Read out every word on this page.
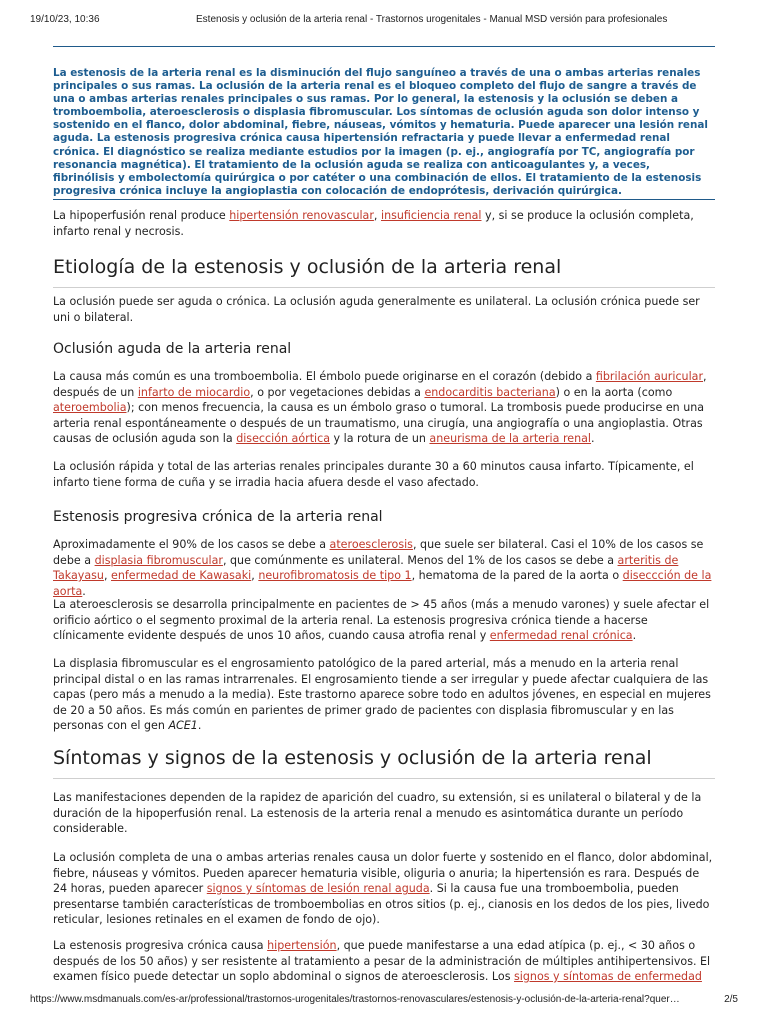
19/10/23, 10:36	Estenosis y oclusión de la arteria renal - Trastornos urogenitales - Manual MSD versión para profesionales

La estenosis de la arteria renal es la disminución del flujo sanguíneo a través de una o ambas arterias renales principales o sus ramas. La oclusión de la arteria renal es el bloqueo completo del flujo de sangre a través de una o ambas arterias renales principales o sus ramas. Por lo general, la estenosis y la oclusión se deben a tromboembolia, ateroesclerosis o displasia fibromuscular. Los síntomas de oclusión aguda son dolor intenso y sostenido en el flanco, dolor abdominal, fiebre, náuseas, vómitos y hematuria. Puede aparecer una lesión renal aguda. La estenosis progresiva crónica causa hipertensión refractaria y puede llevar a enfermedad renal crónica. El diagnóstico se realiza mediante estudios por la imagen (p. ej., angiografía por TC, angiografía por resonancia magnética). El tratamiento de la oclusión aguda se realiza con anticoagulantes y, a veces, fibrinólisis y embolectomía quirúrgica o por catéter o una combinación de ellos. El tratamiento de la estenosis progresiva crónica incluye la angioplastia con colocación de endoprótesis, derivación quirúrgica.

La hipoperfusión renal produce hipertensión renovascular, insuficiencia renal y, si se produce la oclusión completa, infarto renal y necrosis.

Etiología de la estenosis y oclusión de la arteria renal

La oclusión puede ser aguda o crónica. La oclusión aguda generalmente es unilateral. La oclusión crónica puede ser uni o bilateral.

Oclusión aguda de la arteria renal

La causa más común es una tromboembolia. El émbolo puede originarse en el corazón (debido a fibrilación auricular, después de un infarto de miocardio, o por vegetaciones debidas a endocarditis bacteriana) o en la aorta (como ateroembolia); con menos frecuencia, la causa es un émbolo graso o tumoral. La trombosis puede producirse en una arteria renal espontáneamente o después de un traumatismo, una cirugía, una angiografía o una angioplastia. Otras causas de oclusión aguda son la disección aórtica y la rotura de un aneurisma de la arteria renal.

La oclusión rápida y total de las arterias renales principales durante 30 a 60 minutos causa infarto. Típicamente, el infarto tiene forma de cuña y se irradia hacia afuera desde el vaso afectado.

Estenosis progresiva crónica de la arteria renal

Aproximadamente el 90% de los casos se debe a ateroesclerosis, que suele ser bilateral. Casi el 10% de los casos se debe a displasia fibromuscular, que comúnmente es unilateral. Menos del 1% de los casos se debe a arteritis de Takayasu, enfermedad de Kawasaki, neurofibromatosis de tipo 1, hematoma de la pared de la aorta o diseccción de la aorta.

La ateroesclerosis se desarrolla principalmente en pacientes de > 45 años (más a menudo varones) y suele afectar el orificio aórtico o el segmento proximal de la arteria renal. La estenosis progresiva crónica tiende a hacerse clínicamente evidente después de unos 10 años, cuando causa atrofia renal y enfermedad renal crónica.

La displasia fibromuscular es el engrosamiento patológico de la pared arterial, más a menudo en la arteria renal principal distal o en las ramas intrarrenales. El engrosamiento tiende a ser irregular y puede afectar cualquiera de las capas (pero más a menudo a la media). Este trastorno aparece sobre todo en adultos jóvenes, en especial en mujeres de 20 a 50 años. Es más común en parientes de primer grado de pacientes con displasia fibromuscular y en las personas con el gen ACE1.

Síntomas y signos de la estenosis y oclusión de la arteria renal

Las manifestaciones dependen de la rapidez de aparición del cuadro, su extensión, si es unilateral o bilateral y de la duración de la hipoperfusión renal. La estenosis de la arteria renal a menudo es asintomática durante un período considerable.

La oclusión completa de una o ambas arterias renales causa un dolor fuerte y sostenido en el flanco, dolor abdominal, fiebre, náuseas y vómitos. Pueden aparecer hematuria visible, oliguria o anuria; la hipertensión es rara. Después de 24 horas, pueden aparecer signos y síntomas de lesión renal aguda. Si la causa fue una tromboembolia, pueden presentarse también características de tromboembolias en otros sitios (p. ej., cianosis en los dedos de los pies, livedo reticular, lesiones retinales en el examen de fondo de ojo).

La estenosis progresiva crónica causa hipertensión, que puede manifestarse a una edad atípica (p. ej., < 30 años o después de los 50 años) y ser resistente al tratamiento a pesar de la administración de múltiples antihipertensivos. El examen físico puede detectar un soplo abdominal o signos de ateroesclerosis. Los signos y síntomas de enfermedad

https://www.msdmanuals.com/es-ar/professional/trastornos-urogenitales/trastornos-renovasculares/estenosis-y-oclusión-de-la-arteria-renal?quer…	2/5
